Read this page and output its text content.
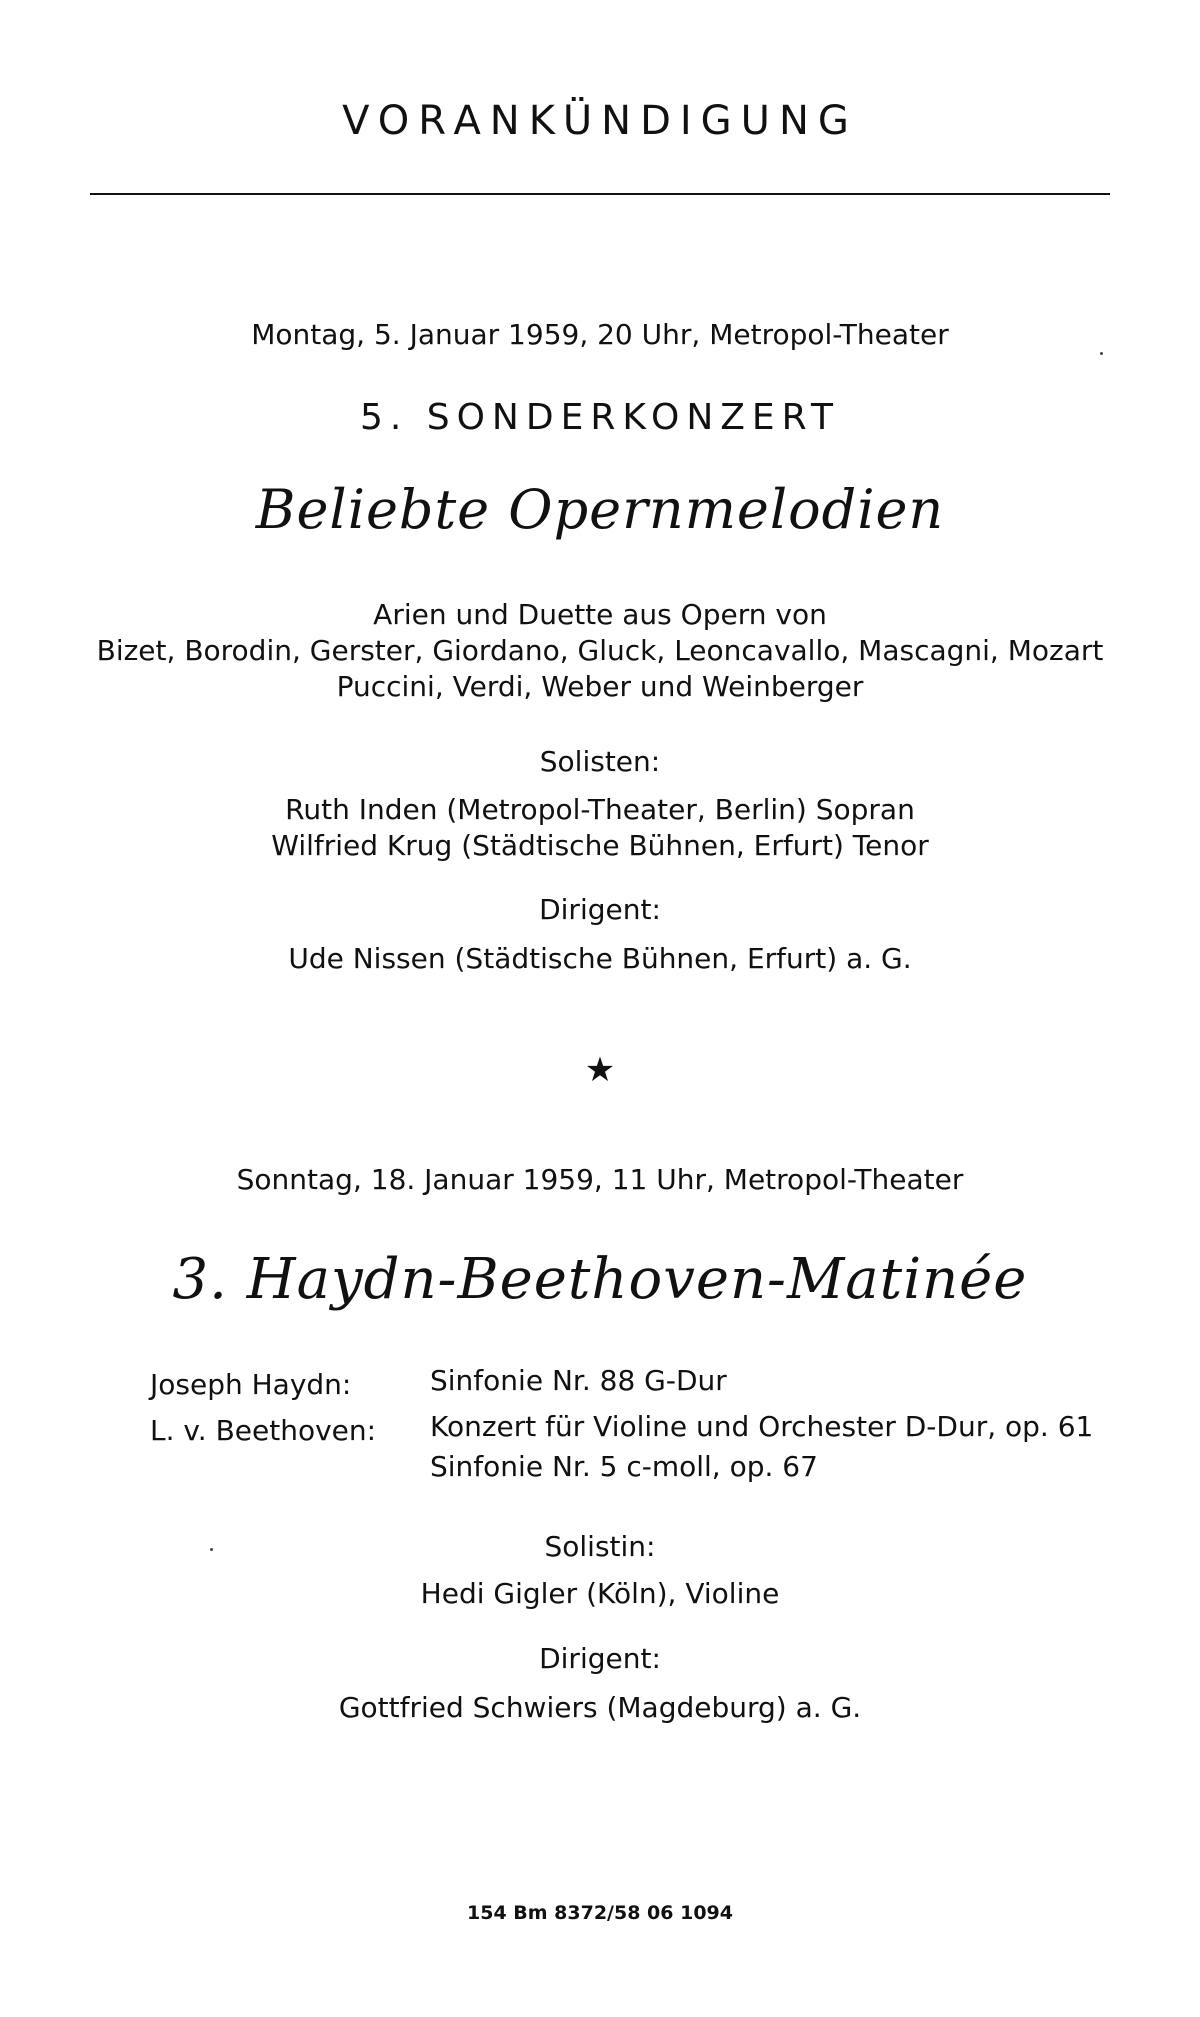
VORANKÜNDIGUNG
Montag, 5. Januar 1959, 20 Uhr, Metropol-Theater
5. SONDERKONZERT
Beliebte Opernmelodien
Arien und Duette aus Opern von
Bizet, Borodin, Gerster, Giordano, Gluck, Leoncavallo, Mascagni, Mozart
Puccini, Verdi, Weber und Weinberger
Solisten:
Ruth Inden (Metropol-Theater, Berlin) Sopran
Wilfried Krug (Städtische Bühnen, Erfurt) Tenor
Dirigent:
Ude Nissen (Städtische Bühnen, Erfurt) a. G.
★
Sonntag, 18. Januar 1959, 11 Uhr, Metropol-Theater
3. Haydn-Beethoven-Matinée
Joseph Haydn:	Sinfonie Nr. 88 G-Dur
L. v. Beethoven: Konzert für Violine und Orchester D-Dur, op. 61
Sinfonie Nr. 5 c-moll, op. 67
Solistin:
Hedi Gigler (Köln), Violine
Dirigent:
Gottfried Schwiers (Magdeburg) a. G.
154 Bm 8372/58 06 1094
